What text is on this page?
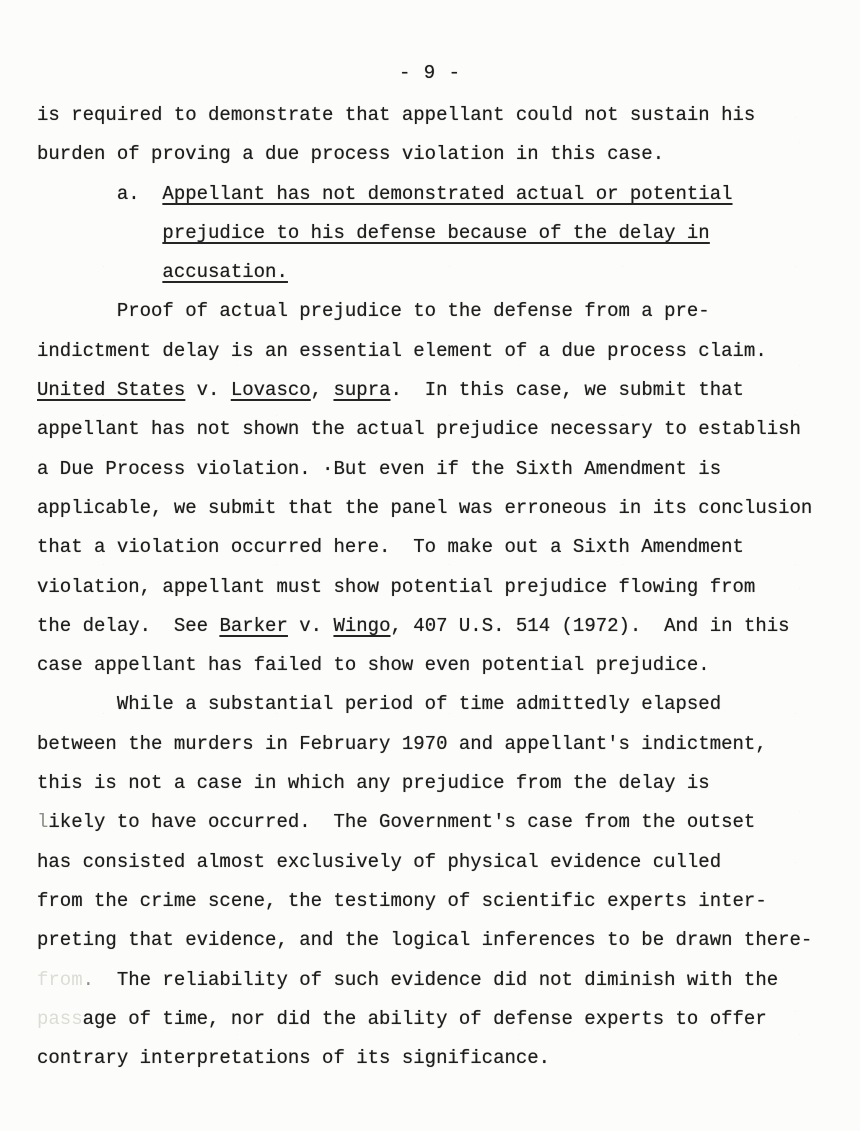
- 9 -
is required to demonstrate that appellant could not sustain his
burden of proving a due process violation in this case.
a.  Appellant has not demonstrated actual or potential
prejudice to his defense because of the delay in
accusation.
Proof of actual prejudice to the defense from a pre-
indictment delay is an essential element of a due process claim.
United States v. Lovasco, supra.  In this case, we submit that
appellant has not shown the actual prejudice necessary to establish
a Due Process violation. ·But even if the Sixth Amendment is
applicable, we submit that the panel was erroneous in its conclusion
that a violation occurred here.  To make out a Sixth Amendment
violation, appellant must show potential prejudice flowing from
the delay.  See Barker v. Wingo, 407 U.S. 514 (1972).  And in this
case appellant has failed to show even potential prejudice.
While a substantial period of time admittedly elapsed
between the murders in February 1970 and appellant's indictment,
this is not a case in which any prejudice from the delay is
likely to have occurred.  The Government's case from the outset
has consisted almost exclusively of physical evidence culled
from the crime scene, the testimony of scientific experts inter-
preting that evidence, and the logical inferences to be drawn there-
from.  The reliability of such evidence did not diminish with the
passage of time, nor did the ability of defense experts to offer
contrary interpretations of its significance.
